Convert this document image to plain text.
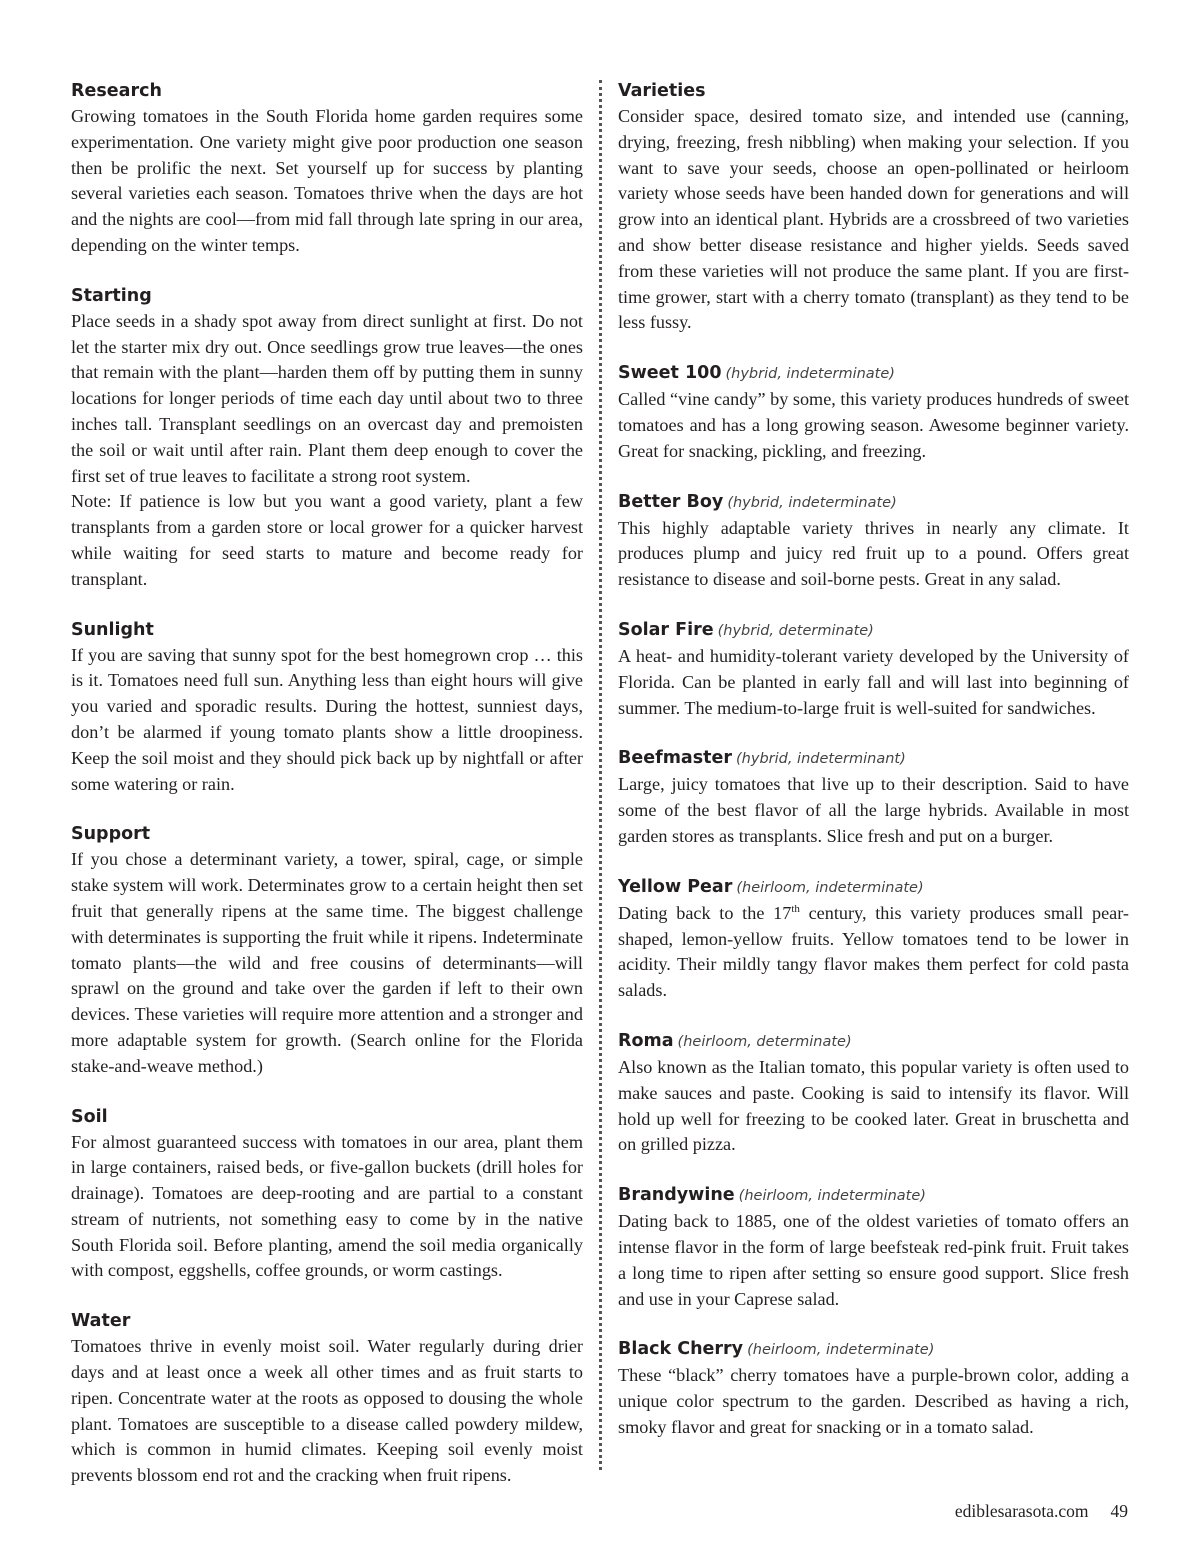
Research

Growing tomatoes in the South Florida home garden requires some experimentation. One variety might give poor production one season then be prolific the next. Set yourself up for success by planting several varieties each season. Tomatoes thrive when the days are hot and the nights are cool—from mid fall through late spring in our area, depending on the winter temps.

Starting

Place seeds in a shady spot away from direct sunlight at first. Do not let the starter mix dry out. Once seedlings grow true leaves—the ones that remain with the plant—harden them off by putting them in sunny locations for longer periods of time each day until about two to three inches tall. Transplant seedlings on an overcast day and premoisten the soil or wait until after rain. Plant them deep enough to cover the first set of true leaves to facilitate a strong root system.

Note: If patience is low but you want a good variety, plant a few transplants from a garden store or local grower for a quicker harvest while waiting for seed starts to mature and become ready for transplant.

Sunlight

If you are saving that sunny spot for the best homegrown crop … this is it. Tomatoes need full sun. Anything less than eight hours will give you varied and sporadic results. During the hottest, sunniest days, don’t be alarmed if young tomato plants show a little droopiness. Keep the soil moist and they should pick back up by nightfall or after some watering or rain.

Support

If you chose a determinant variety, a tower, spiral, cage, or simple stake system will work. Determinates grow to a certain height then set fruit that generally ripens at the same time. The biggest challenge with determinates is supporting the fruit while it ripens. Indeterminate tomato plants—the wild and free cousins of determinants—will sprawl on the ground and take over the garden if left to their own devices. These varieties will require more attention and a stronger and more adaptable system for growth. (Search online for the Florida stake-and-weave method.)

Soil

For almost guaranteed success with tomatoes in our area, plant them in large containers, raised beds, or five-gallon buckets (drill holes for drainage). Tomatoes are deep-rooting and are partial to a constant stream of nutrients, not something easy to come by in the native South Florida soil. Before planting, amend the soil media organically with compost, eggshells, coffee grounds, or worm castings.

Water

Tomatoes thrive in evenly moist soil. Water regularly during drier days and at least once a week all other times and as fruit starts to ripen. Concentrate water at the roots as opposed to dousing the whole plant. Tomatoes are susceptible to a disease called powdery mildew, which is common in humid climates. Keeping soil evenly moist prevents blossom end rot and the cracking when fruit ripens.

Varieties

Consider space, desired tomato size, and intended use (canning, drying, freezing, fresh nibbling) when making your selection. If you want to save your seeds, choose an open-pollinated or heirloom variety whose seeds have been handed down for generations and will grow into an identical plant. Hybrids are a crossbreed of two varieties and show better disease resistance and higher yields. Seeds saved from these varieties will not produce the same plant. If you are first-time grower, start with a cherry tomato (transplant) as they tend to be less fussy.

Sweet 100 (hybrid, indeterminate)

Called “vine candy” by some, this variety produces hundreds of sweet tomatoes and has a long growing season. Awesome beginner variety. Great for snacking, pickling, and freezing.

Better Boy (hybrid, indeterminate)

This highly adaptable variety thrives in nearly any climate. It produces plump and juicy red fruit up to a pound. Offers great resistance to disease and soil-borne pests. Great in any salad.

Solar Fire (hybrid, determinate)

A heat- and humidity-tolerant variety developed by the University of Florida. Can be planted in early fall and will last into beginning of summer. The medium-to-large fruit is well-suited for sandwiches.

Beefmaster (hybrid, indeterminant)

Large, juicy tomatoes that live up to their description. Said to have some of the best flavor of all the large hybrids. Available in most garden stores as transplants. Slice fresh and put on a burger.

Yellow Pear (heirloom, indeterminate)

Dating back to the 17th century, this variety produces small pear-shaped, lemon-yellow fruits. Yellow tomatoes tend to be lower in acidity. Their mildly tangy flavor makes them perfect for cold pasta salads.

Roma (heirloom, determinate)

Also known as the Italian tomato, this popular variety is often used to make sauces and paste. Cooking is said to intensify its flavor. Will hold up well for freezing to be cooked later. Great in bruschetta and on grilled pizza.

Brandywine (heirloom, indeterminate)

Dating back to 1885, one of the oldest varieties of tomato offers an intense flavor in the form of large beefsteak red-pink fruit. Fruit takes a long time to ripen after setting so ensure good support. Slice fresh and use in your Caprese salad.

Black Cherry (heirloom, indeterminate)

These “black” cherry tomatoes have a purple-brown color, adding a unique color spectrum to the garden. Described as having a rich, smoky flavor and great for snacking or in a tomato salad.

ediblesarasota.com 49
